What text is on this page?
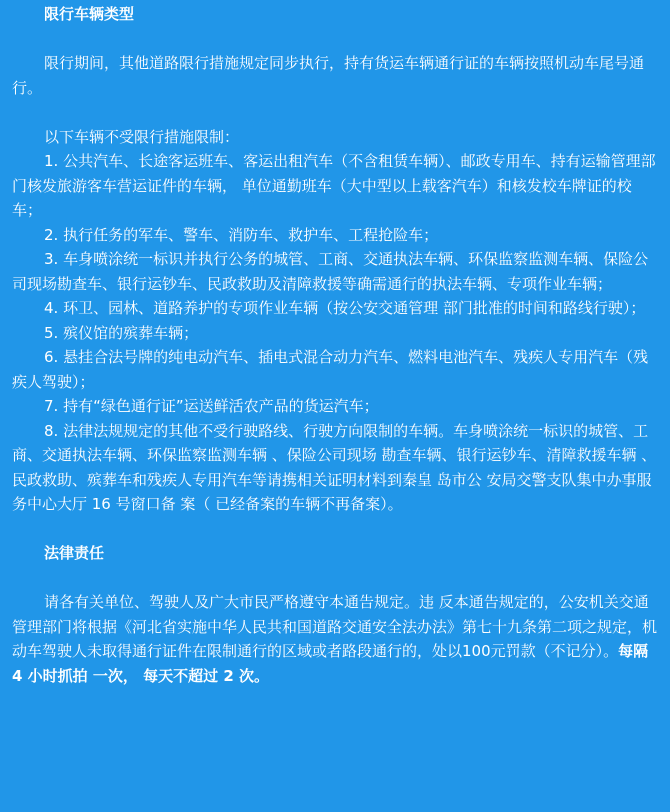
限行车辆类型

限行期间，其他道路限行措施规定同步执行，持有货运车辆通行证的车辆按照机动车尾号通行。

以下车辆不受限行措施限制：

1. 公共汽车、长途客运班车、客运出租汽车（不含租赁车辆）、邮政专用车、持有运输管理部门核发旅游客车营运证件的车辆， 单位通勤班车（大中型以上载客汽车）和核发校车牌证的校车；

2. 执行任务的军车、警车、消防车、救护车、工程抢险车；

3. 车身喷涂统一标识并执行公务的城管、工商、交通执法车辆、环保监察监测车辆、保险公司现场勘查车、银行运钞车、民政救助及清障救援等确需通行的执法车辆、专项作业车辆；

4. 环卫、园林、道路养护的专项作业车辆（按公安交通管理 部门批准的时间和路线行驶）；

5. 殡仪馆的殡葬车辆；

6. 悬挂合法号牌的纯电动汽车、插电式混合动力汽车、燃料电池汽车、残疾人专用汽车（残疾人驾驶）；

7. 持有“绿色通行证”运送鲜活农产品的货运汽车；

8. 法律法规规定的其他不受行驶路线、行驶方向限制的车辆。车身喷涂统一标识的城管、工商、交通执法车辆、环保监察监测车辆 、保险公司现场 勘查车辆、银行运钞车、清障救援车辆 、民政救助、殡葬车和残疾人专用汽车等请携相关证明材料到秦皇 岛市公 安局交警支队集中办事服务中心大厅 16 号窗口备 案（ 已经备案的车辆不再备案）。

法律责任

请各有关单位、驾驶人及广大市民严格遵守本通告规定。违 反本通告规定的，公安机关交通管理部门将根据《河北省实施中华人民共和国道路交通安全法办法》第七十九条第二项之规定，机动车驾驶人未取得通行证件在限制通行的区域或者路段通行的，处以100元罚款（不记分）。每隔 4 小时抓拍 一次， 每天不超过 2 次。
